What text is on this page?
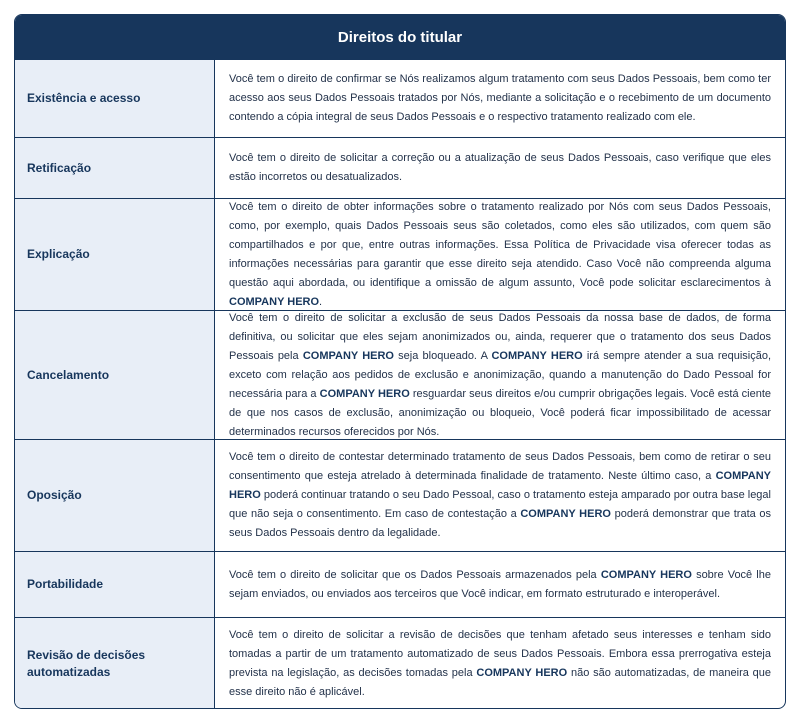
Direitos do titular
Existência e acesso

Você tem o direito de confirmar se Nós realizamos algum tratamento com seus Dados Pessoais, bem como ter acesso aos seus Dados Pessoais tratados por Nós, mediante a solicitação e o recebimento de um documento contendo a cópia integral de seus Dados Pessoais e o respectivo tratamento realizado com ele.

Retificação

Você tem o direito de solicitar a correção ou a atualização de seus Dados Pessoais, caso verifique que eles estão incorretos ou desatualizados.

Explicação

Você tem o direito de obter informações sobre o tratamento realizado por Nós com seus Dados Pessoais, como, por exemplo, quais Dados Pessoais seus são coletados, como eles são utilizados, com quem são compartilhados e por que, entre outras informações. Essa Política de Privacidade visa oferecer todas as informações necessárias para garantir que esse direito seja atendido. Caso Você não compreenda alguma questão aqui abordada, ou identifique a omissão de algum assunto, Você pode solicitar esclarecimentos à COMPANY HERO.

Cancelamento

Você tem o direito de solicitar a exclusão de seus Dados Pessoais da nossa base de dados, de forma definitiva, ou solicitar que eles sejam anonimizados ou, ainda, requerer que o tratamento dos seus Dados Pessoais pela COMPANY HERO seja bloqueado. A COMPANY HERO irá sempre atender a sua requisição, exceto com relação aos pedidos de exclusão e anonimização, quando a manutenção do Dado Pessoal for necessária para a COMPANY HERO resguardar seus direitos e/ou cumprir obrigações legais. Você está ciente de que nos casos de exclusão, anonimização ou bloqueio, Você poderá ficar impossibilitado de acessar determinados recursos oferecidos por Nós.

Oposição

Você tem o direito de contestar determinado tratamento de seus Dados Pessoais, bem como de retirar o seu consentimento que esteja atrelado à determinada finalidade de tratamento. Neste último caso, a COMPANY HERO poderá continuar tratando o seu Dado Pessoal, caso o tratamento esteja amparado por outra base legal que não seja o consentimento. Em caso de contestação a COMPANY HERO poderá demonstrar que trata os seus Dados Pessoais dentro da legalidade.

Portabilidade

Você tem o direito de solicitar que os Dados Pessoais armazenados pela COMPANY HERO sobre Você lhe sejam enviados, ou enviados aos terceiros que Você indicar, em formato estruturado e interoperável.

Revisão de decisões automatizadas

Você tem o direito de solicitar a revisão de decisões que tenham afetado seus interesses e tenham sido tomadas a partir de um tratamento automatizado de seus Dados Pessoais. Embora essa prerrogativa esteja prevista na legislação, as decisões tomadas pela COMPANY HERO não são automatizadas, de maneira que esse direito não é aplicável.
